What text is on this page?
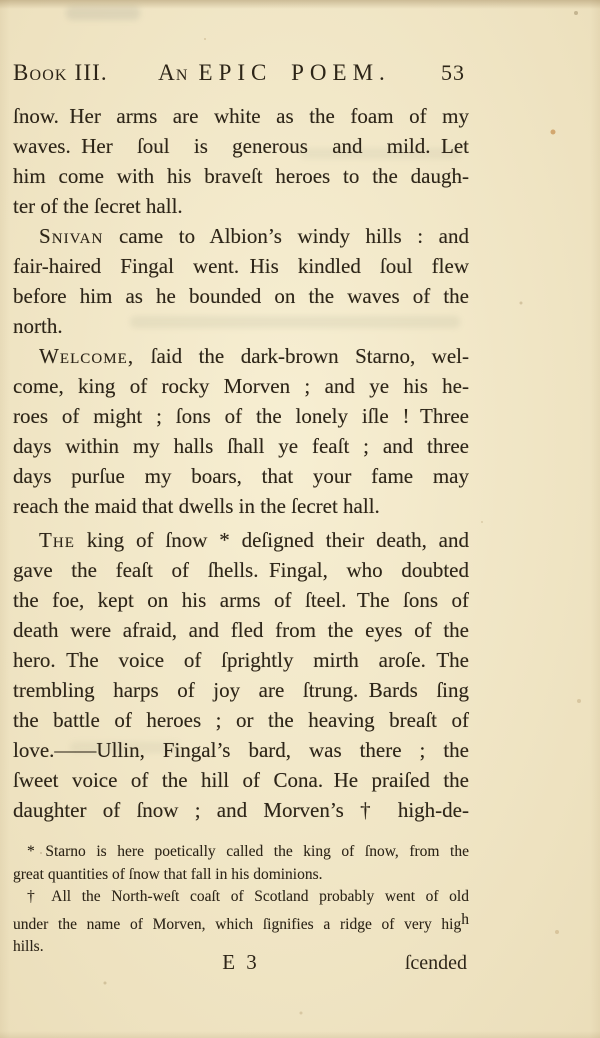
Book III. An EPIC POEM. 53
ſnow. Her arms are white as the foam of my
waves. Her ſoul is generous and mild. Let
him come with his braveſt heroes to the daugh-
ter of the ſecret hall.
Snivan came to Albion’s windy hills : and
fair-haired Fingal went. His kindled ſoul flew
before him as he bounded on the waves of the
north.
Welcome, ſaid the dark-brown Starno, wel-
come, king of rocky Morven ; and ye his he-
roes of might ; ſons of the lonely iſle ! Three
days within my halls ſhall ye feaſt ; and three
days purſue my boars, that your fame may
reach the maid that dwells in the ſecret hall.
The king of ſnow * deſigned their death, and
gave the feaſt of ſhells. Fingal, who doubted
the foe, kept on his arms of ſteel. The ſons of
death were afraid, and fled from the eyes of the
hero. The voice of ſprightly mirth aroſe. The
trembling harps of joy are ſtrung. Bards ſing
the battle of heroes ; or the heaving breaſt of
love.——Ullin, Fingal’s bard, was there ; the
ſweet voice of the hill of Cona. He praiſed the
daughter of ſnow ; and Morven’s † high-de-
* Starno is here poetically called the king of ſnow, from the
great quantities of ſnow that fall in his dominions.
† All the North-weſt coaſt of Scotland probably went of old
under the name of Morven, which ſignifies a ridge of very high
hills.
E 3	ſcended
